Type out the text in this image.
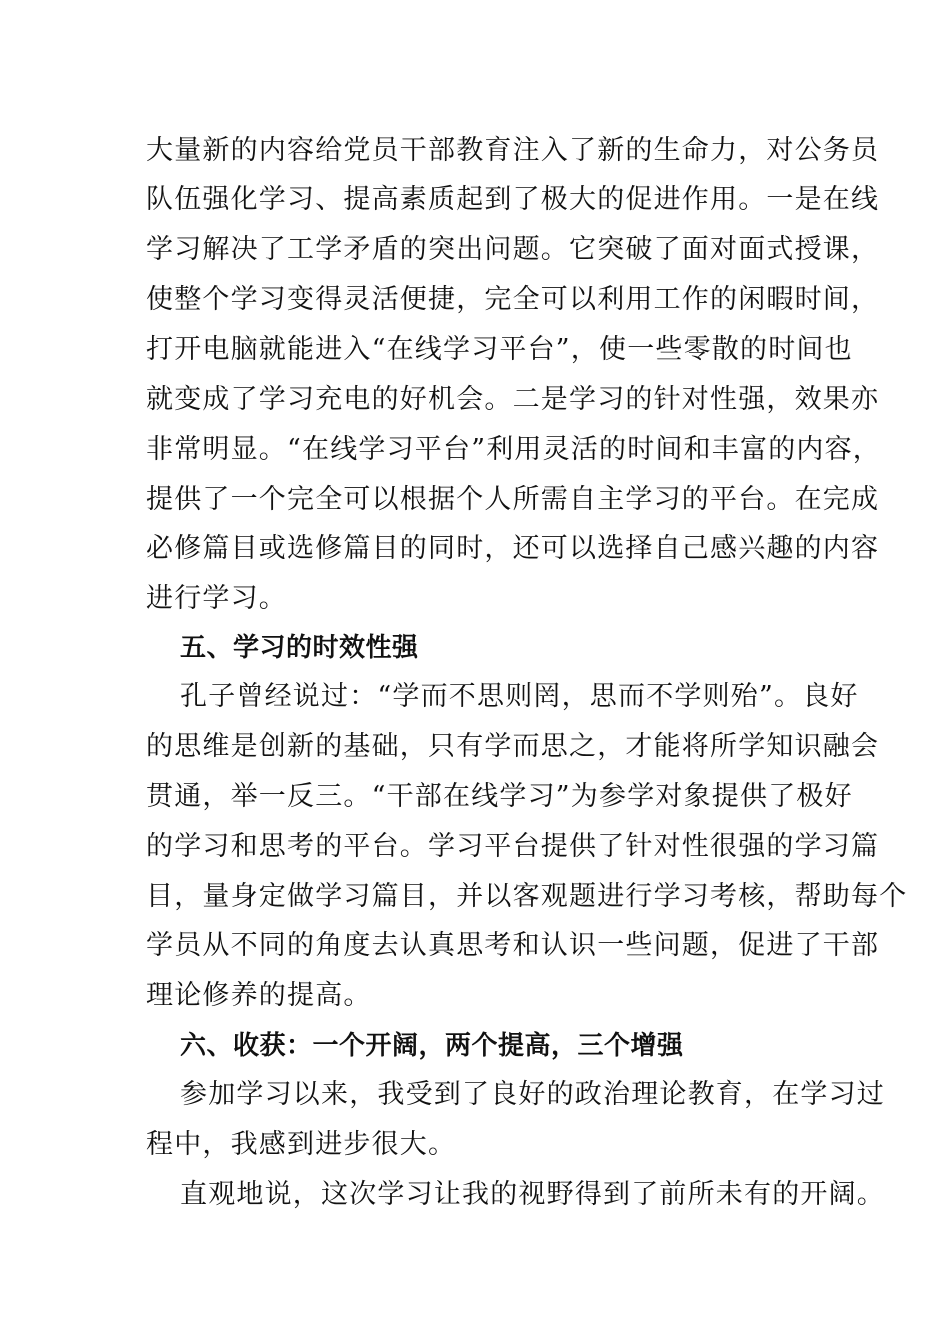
大量新的内容给党员干部教育注入了新的生命力，对公务员
队伍强化学习、提高素质起到了极大的促进作用。一是在线
学习解决了工学矛盾的突出问题。它突破了面对面式授课，
使整个学习变得灵活便捷，完全可以利用工作的闲暇时间，
打开电脑就能进入“在线学习平台”，使一些零散的时间也
就变成了学习充电的好机会。二是学习的针对性强，效果亦
非常明显。“在线学习平台”利用灵活的时间和丰富的内容，
提供了一个完全可以根据个人所需自主学习的平台。在完成
必修篇目或选修篇目的同时，还可以选择自己感兴趣的内容
进行学习。
五、学习的时效性强
孔子曾经说过：“学而不思则罔，思而不学则殆”。良好
的思维是创新的基础，只有学而思之，才能将所学知识融会
贯通，举一反三。“干部在线学习”为参学对象提供了极好
的学习和思考的平台。学习平台提供了针对性很强的学习篇
目，量身定做学习篇目，并以客观题进行学习考核，帮助每个
学员从不同的角度去认真思考和认识一些问题，促进了干部
理论修养的提高。
六、收获：一个开阔，两个提高，三个增强
参加学习以来，我受到了良好的政治理论教育，在学习过
程中，我感到进步很大。
直观地说，这次学习让我的视野得到了前所未有的开阔。
